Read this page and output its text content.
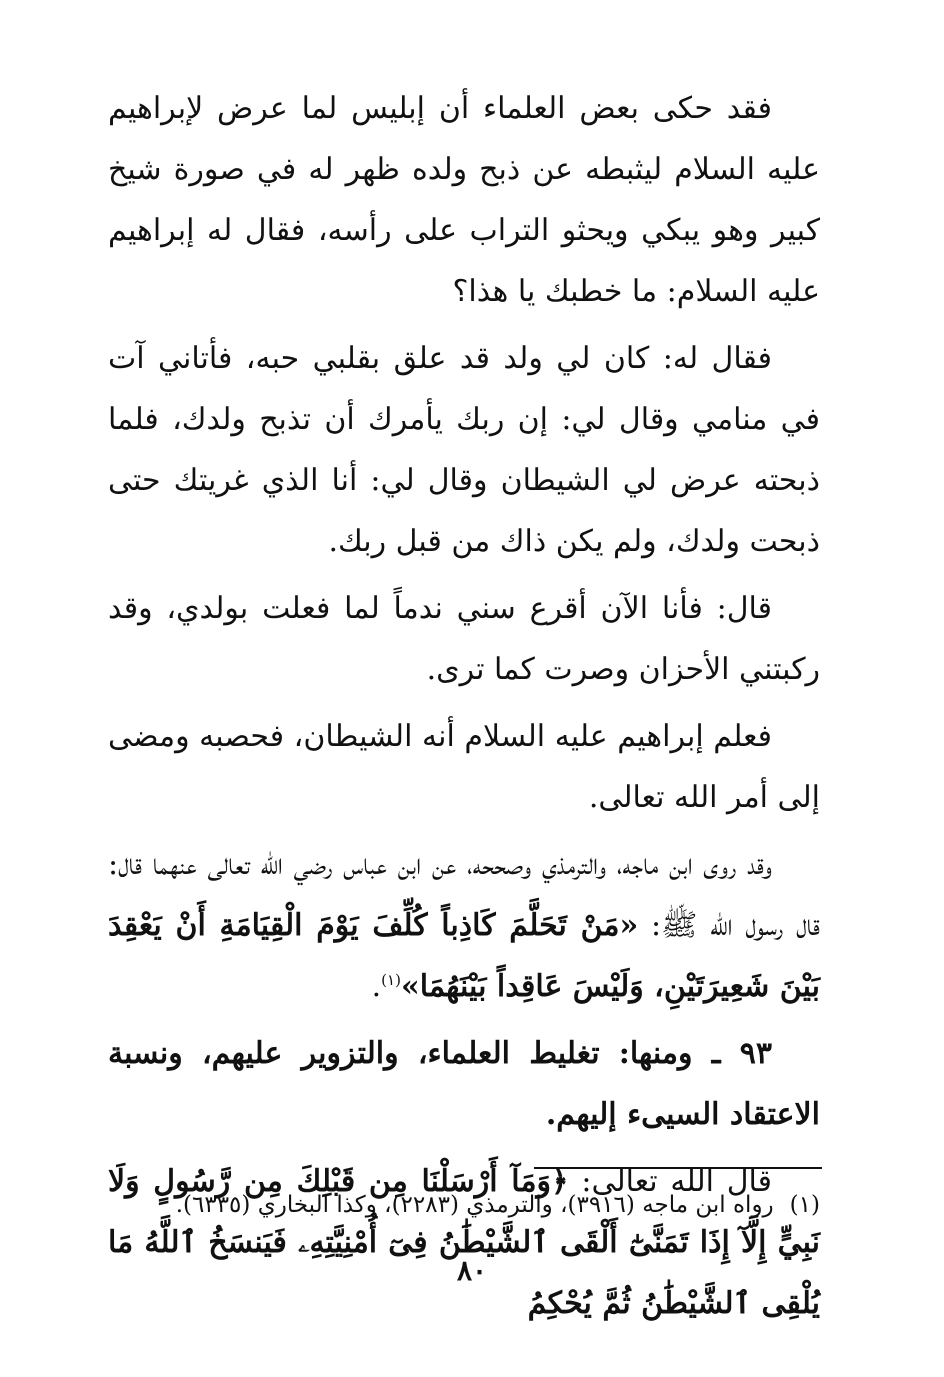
فقد حكى بعض العلماء أن إبليس لما عرض لإبراهيم عليه السلام ليثبطه عن ذبح ولده ظهر له في صورة شيخ كبير وهو يبكي ويحثو التراب على رأسه، فقال له إبراهيم عليه السلام: ما خطبك يا هذا؟

فقال له: كان لي ولد قد علق بقلبي حبه، فأتاني آت في منامي وقال لي: إن ربك يأمرك أن تذبح ولدك، فلما ذبحته عرض لي الشيطان وقال لي: أنا الذي غريتك حتى ذبحت ولدك، ولم يكن ذاك من قبل ربك.

قال: فأنا الآن أقرع سني ندماً لما فعلت بولدي، وقد ركبتني الأحزان وصرت كما ترى.

فعلم إبراهيم عليه السلام أنه الشيطان، فحصبه ومضى إلى أمر الله تعالى.

وقد روى ابن ماجه، والترمذي وصححه، عن ابن عباس رضي الله تعالى عنهما قال: قال رسول الله ﷺ: «مَنْ تَحَلَّمَ كَاذِباً كُلِّفَ يَوْمَ الْقِيَامَةِ أَنْ يَعْقِدَ بَيْنَ شَعِيرَتَيْنِ، وَلَيْسَ عَاقِداً بَيْنَهُمَا»$^{(١)}$.

٩٣ ـ ومنها: تغليط العلماء، والتزوير عليهم، ونسبة الاعتقاد السيىء إليهم.

قال الله تعالى: ﴿وَمَآ أَرْسَلْنَا مِن قَبْلِكَ مِن رَّسُولٍ وَلَا نَبِيٍّ إِلَّآ إِذَا تَمَنَّىٰٓ أَلْقَى ٱلشَّيْطَٰنُ فِىٓ أُمْنِيَّتِهِۦ فَيَنسَخُ ٱللَّهُ مَا يُلْقِى ٱلشَّيْطَٰنُ ثُمَّ يُحْكِمُ

(١)رواه ابن ماجه (٣٩١٦)، والترمذي (٢٢٨٣)، وكذا البخاري (٦٣٣٥).
٨٠
